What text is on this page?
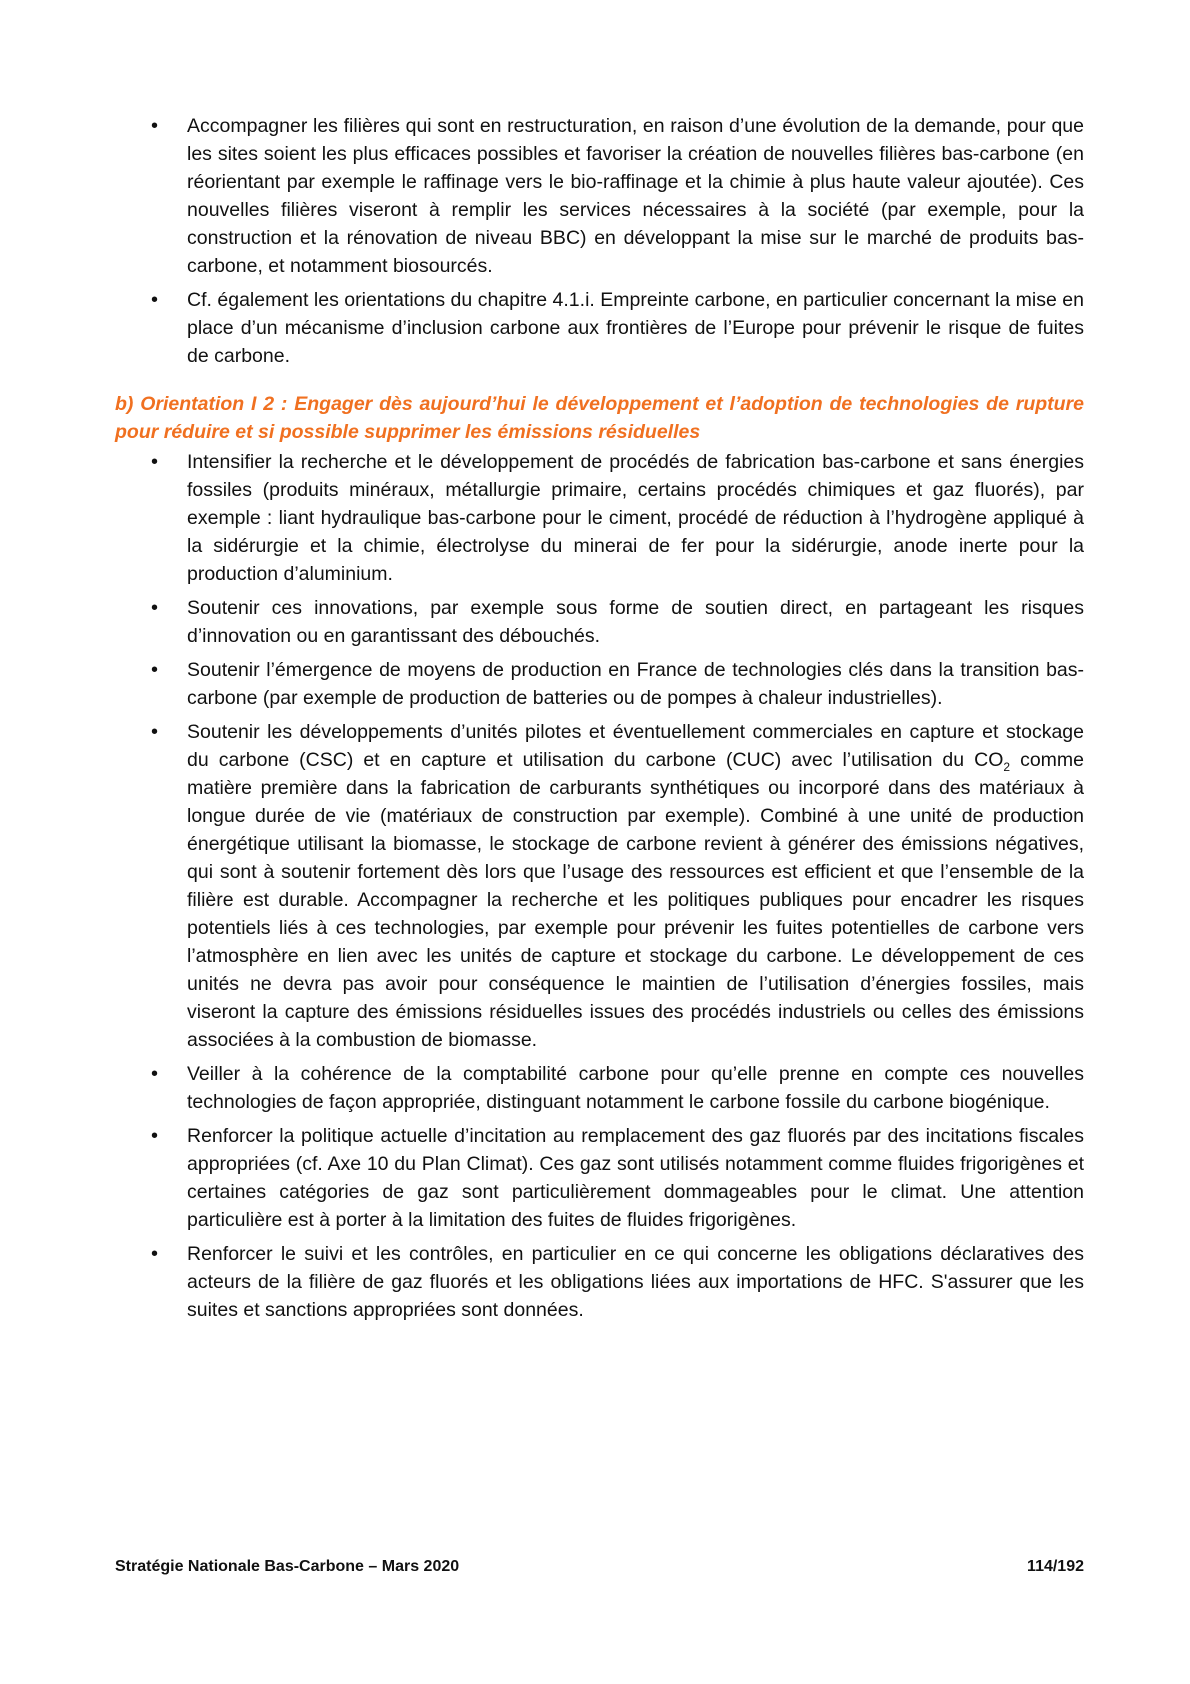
• Accompagner les filières qui sont en restructuration, en raison d’une évolution de la demande, pour que les sites soient les plus efficaces possibles et favoriser la création de nouvelles filières bas-carbone (en réorientant par exemple le raffinage vers le bio-raffinage et la chimie à plus haute valeur ajoutée). Ces nouvelles filières viseront à remplir les services nécessaires à la société (par exemple, pour la construction et la rénovation de niveau BBC) en développant la mise sur le marché de produits bas-carbone, et notamment biosourcés.
• Cf. également les orientations du chapitre 4.1.i. Empreinte carbone, en particulier concernant la mise en place d’un mécanisme d’inclusion carbone aux frontières de l’Europe pour prévenir le risque de fuites de carbone.
b) Orientation I 2 : Engager dès aujourd’hui le développement et l’adoption de technologies de rupture pour réduire et si possible supprimer les émissions résiduelles
• Intensifier la recherche et le développement de procédés de fabrication bas-carbone et sans énergies fossiles (produits minéraux, métallurgie primaire, certains procédés chimiques et gaz fluorés), par exemple : liant hydraulique bas-carbone pour le ciment, procédé de réduction à l’hydrogène appliqué à la sidérurgie et la chimie, électrolyse du minerai de fer pour la sidérurgie, anode inerte pour la production d’aluminium.
• Soutenir ces innovations, par exemple sous forme de soutien direct, en partageant les risques d’innovation ou en garantissant des débouchés.
• Soutenir l’émergence de moyens de production en France de technologies clés dans la transition bas-carbone (par exemple de production de batteries ou de pompes à chaleur industrielles).
• Soutenir les développements d’unités pilotes et éventuellement commerciales en capture et stockage du carbone (CSC) et en capture et utilisation du carbone (CUC) avec l’utilisation du $CO_2$ comme matière première dans la fabrication de carburants synthétiques ou incorporé dans des matériaux à longue durée de vie (matériaux de construction par exemple). Combiné à une unité de production énergétique utilisant la biomasse, le stockage de carbone revient à générer des émissions négatives, qui sont à soutenir fortement dès lors que l’usage des ressources est efficient et que l’ensemble de la filière est durable. Accompagner la recherche et les politiques publiques pour encadrer les risques potentiels liés à ces technologies, par exemple pour prévenir les fuites potentielles de carbone vers l’atmosphère en lien avec les unités de capture et stockage du carbone. Le développement de ces unités ne devra pas avoir pour conséquence le maintien de l’utilisation d’énergies fossiles, mais viseront la capture des émissions résiduelles issues des procédés industriels ou celles des émissions associées à la combustion de biomasse.
• Veiller à la cohérence de la comptabilité carbone pour qu’elle prenne en compte ces nouvelles technologies de façon appropriée, distinguant notamment le carbone fossile du carbone biogénique.
• Renforcer la politique actuelle d’incitation au remplacement des gaz fluorés par des incitations fiscales appropriées (cf. Axe 10 du Plan Climat). Ces gaz sont utilisés notamment comme fluides frigorigènes et certaines catégories de gaz sont particulièrement dommageables pour le climat. Une attention particulière est à porter à la limitation des fuites de fluides frigorigènes.
• Renforcer le suivi et les contrôles, en particulier en ce qui concerne les obligations déclaratives des acteurs de la filière de gaz fluorés et les obligations liées aux importations de HFC. S'assurer que les suites et sanctions appropriées sont données.
Stratégie Nationale Bas-Carbone – Mars 2020	114/192
